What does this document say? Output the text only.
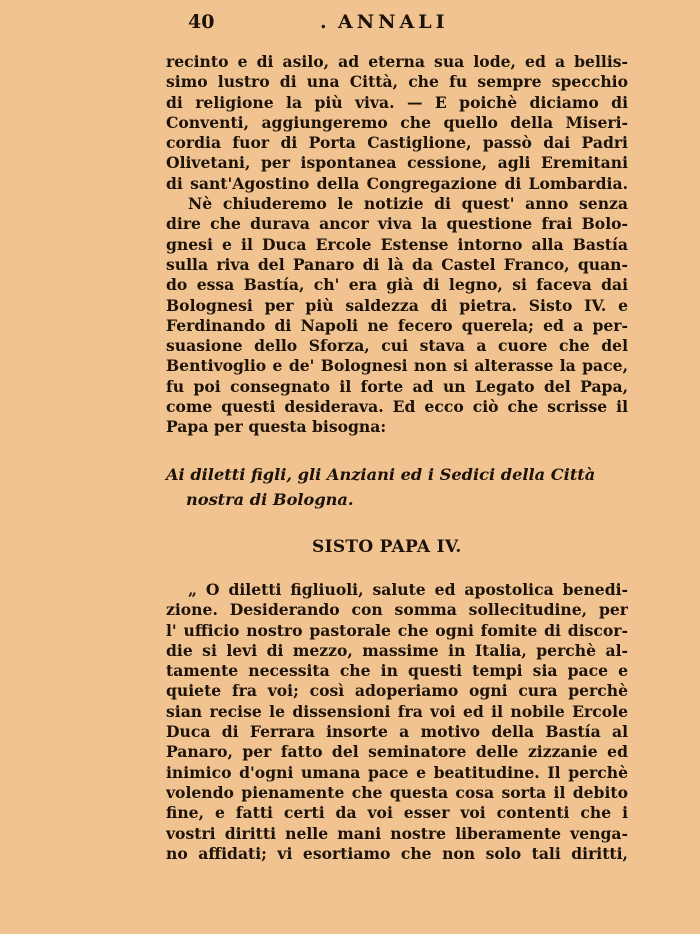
40
.	ANNALI
recinto e di asilo, ad eterna sua lode, ed a bellis-
simo lustro di una Città, che fu sempre specchio
di religione la più viva. — E poichè diciamo di
Conventi, aggiungeremo che quello della Miseri-
cordia fuor di Porta Castiglione, passò dai Padri
Olivetani, per ispontanea cessione, agli Eremitani
di sant'Agostino della Congregazione di Lombardia.
Nè chiuderemo le notizie di quest' anno senza
dire che durava ancor viva la questione frai Bolo-
gnesi e il Duca Ercole Estense intorno alla Bastía
sulla riva del Panaro di là da Castel Franco, quan-
do essa Bastía, ch' era già di legno, si faceva dai
Bolognesi per più saldezza di pietra. Sisto IV. e
Ferdinando di Napoli ne fecero querela; ed a per-
suasione dello Sforza, cui stava a cuore che del
Bentivoglio e de' Bolognesi non si alterasse la pace,
fu poi consegnato il forte ad un Legato del Papa,
come questi desiderava. Ed ecco ciò che scrisse il
Papa per questa bisogna:
Ai diletti figli, gli Anziani ed i Sedici della Città
nostra di Bologna.
SISTO PAPA IV.
„ O diletti figliuoli, salute ed apostolica benedi-
zione. Desiderando con somma sollecitudine, per
l' ufficio nostro pastorale che ogni fomite di discor-
die si levi di mezzo, massime in Italia, perchè al-
tamente necessita che in questi tempi sia pace e
quiete fra voi; così adoperiamo ogni cura perchè
sian recise le dissensioni fra voi ed il nobile Ercole
Duca di Ferrara insorte a motivo della Bastía al
Panaro, per fatto del seminatore delle zizzanie ed
inimico d'ogni umana pace e beatitudine. Il perchè
volendo pienamente che questa cosa sorta il debito
fine, e fatti certi da voi esser voi contenti che i
vostri diritti nelle mani nostre liberamente venga-
no affidati; vi esortiamo che non solo tali diritti,
